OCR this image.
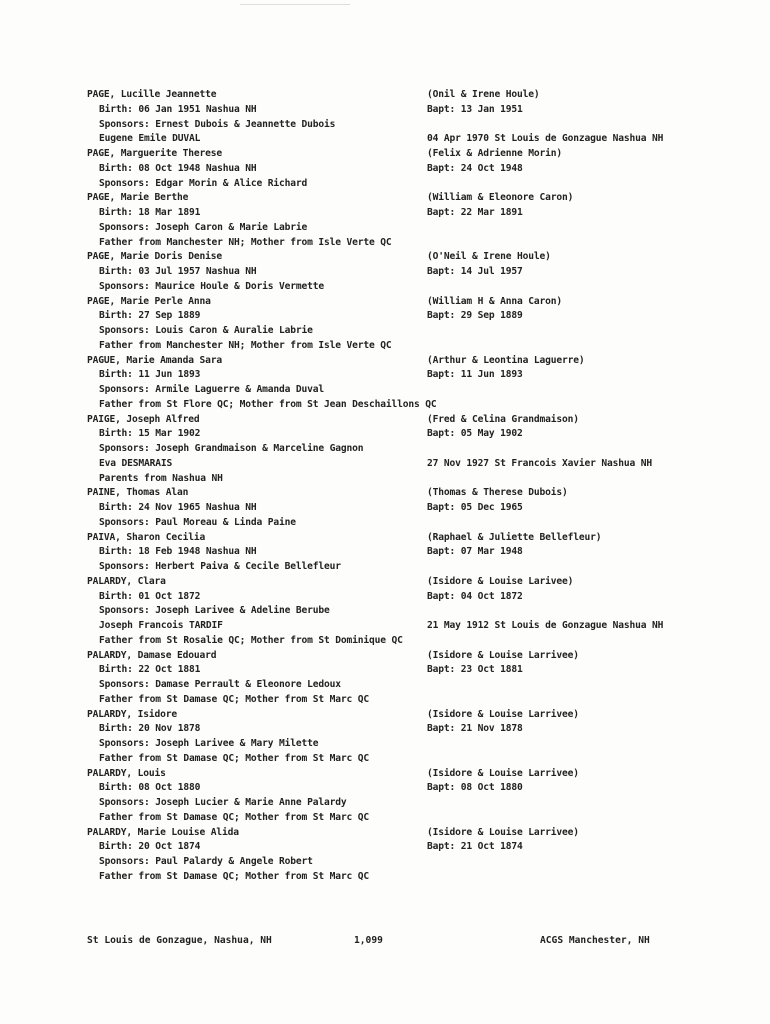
PAGE, Lucille Jeannette	(Onil & Irene Houle)
Birth: 06 Jan 1951 Nashua NH	Bapt: 13 Jan 1951
Sponsors: Ernest Dubois & Jeannette Dubois
Eugene Emile DUVAL	04 Apr 1970 St Louis de Gonzague Nashua NH
PAGE, Marguerite Therese	(Felix & Adrienne Morin)
Birth: 08 Oct 1948 Nashua NH	Bapt: 24 Oct 1948
Sponsors: Edgar Morin & Alice Richard
PAGE, Marie Berthe	(William & Eleonore Caron)
Birth: 18 Mar 1891	Bapt: 22 Mar 1891
Sponsors: Joseph Caron & Marie Labrie
Father from Manchester NH; Mother from Isle Verte QC
PAGE, Marie Doris Denise	(O'Neil & Irene Houle)
Birth: 03 Jul 1957 Nashua NH	Bapt: 14 Jul 1957
Sponsors: Maurice Houle & Doris Vermette
PAGE, Marie Perle Anna	(William H & Anna Caron)
Birth: 27 Sep 1889	Bapt: 29 Sep 1889
Sponsors: Louis Caron & Auralie Labrie
Father from Manchester NH; Mother from Isle Verte QC
PAGUE, Marie Amanda Sara	(Arthur & Leontina Laguerre)
Birth: 11 Jun 1893	Bapt: 11 Jun 1893
Sponsors: Armile Laguerre & Amanda Duval
Father from St Flore QC; Mother from St Jean Deschaillons QC
PAIGE, Joseph Alfred	(Fred & Celina Grandmaison)
Birth: 15 Mar 1902	Bapt: 05 May 1902
Sponsors: Joseph Grandmaison & Marceline Gagnon
Eva DESMARAIS	27 Nov 1927 St Francois Xavier Nashua NH
Parents from Nashua NH
PAINE, Thomas Alan	(Thomas & Therese Dubois)
Birth: 24 Nov 1965 Nashua NH	Bapt: 05 Dec 1965
Sponsors: Paul Moreau & Linda Paine
PAIVA, Sharon Cecilia	(Raphael & Juliette Bellefleur)
Birth: 18 Feb 1948 Nashua NH	Bapt: 07 Mar 1948
Sponsors: Herbert Paiva & Cecile Bellefleur
PALARDY, Clara	(Isidore & Louise Larivee)
Birth: 01 Oct 1872	Bapt: 04 Oct 1872
Sponsors: Joseph Larivee & Adeline Berube
Joseph Francois TARDIF	21 May 1912 St Louis de Gonzague Nashua NH
Father from St Rosalie QC; Mother from St Dominique QC
PALARDY, Damase Edouard	(Isidore & Louise Larrivee)
Birth: 22 Oct 1881	Bapt: 23 Oct 1881
Sponsors: Damase Perrault & Eleonore Ledoux
Father from St Damase QC; Mother from St Marc QC
PALARDY, Isidore	(Isidore & Louise Larrivee)
Birth: 20 Nov 1878	Bapt: 21 Nov 1878
Sponsors: Joseph Larivee & Mary Milette
Father from St Damase QC; Mother from St Marc QC
PALARDY, Louis	(Isidore & Louise Larrivee)
Birth: 08 Oct 1880	Bapt: 08 Oct 1880
Sponsors: Joseph Lucier & Marie Anne Palardy
Father from St Damase QC; Mother from St Marc QC
PALARDY, Marie Louise Alida	(Isidore & Louise Larrivee)
Birth: 20 Oct 1874	Bapt: 21 Oct 1874
Sponsors: Paul Palardy & Angele Robert
Father from St Damase QC; Mother from St Marc QC
St Louis de Gonzague, Nashua, NH	1,099	ACGS Manchester, NH
